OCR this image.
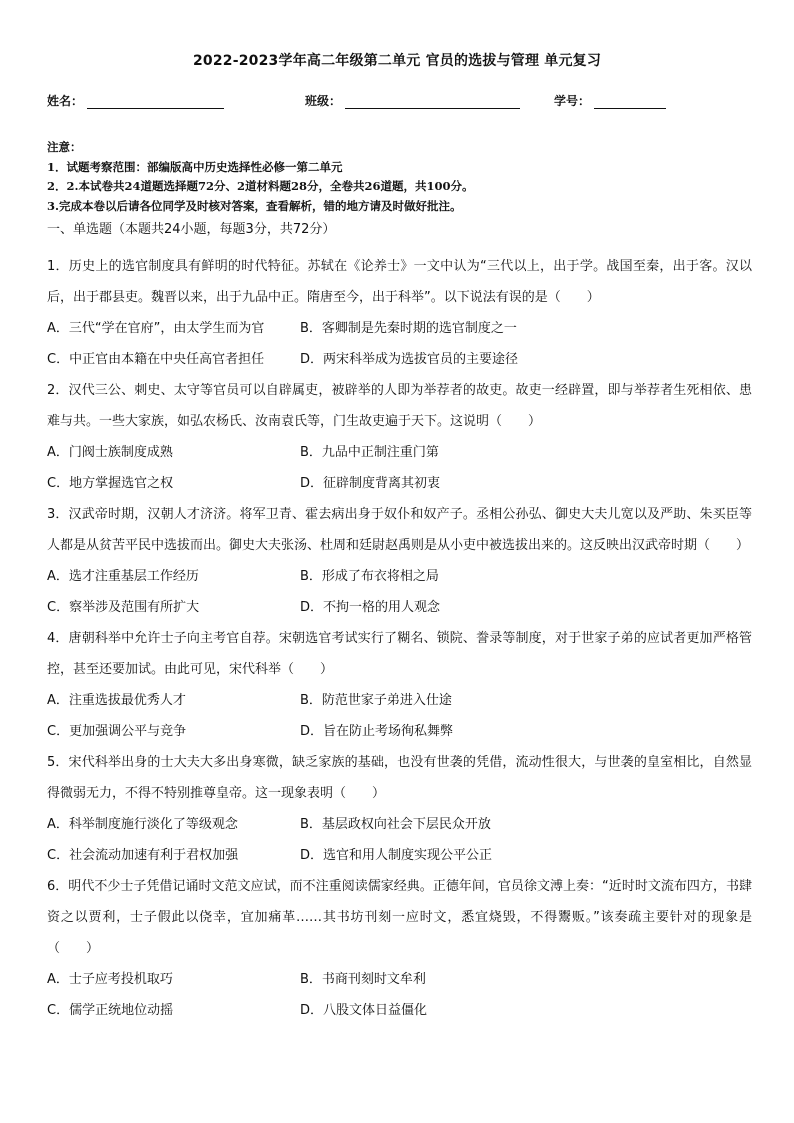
2022-2023学年高二年级第二单元 官员的选拔与管理 单元复习
姓名：	班级：	学号：
注意：
1．试题考察范围：部编版高中历史选择性必修一第二单元
2．2.本试卷共24道题选择题72分、2道材料题28分，全卷共26道题，共100分。
3.完成本卷以后请各位同学及时核对答案，查看解析，错的地方请及时做好批注。
一、单选题（本题共24小题，每题3分，共72分）

1．历史上的选官制度具有鲜明的时代特征。苏轼在《论养士》一文中认为“三代以上，出于学。战国至秦，出于客。汉以后，出于郡县吏。魏晋以来，出于九品中正。隋唐至今，出于科举”。以下说法有误的是（　　）

A．三代“学在官府”，由太学生而为官	B．客卿制是先秦时期的选官制度之一
C．中正官由本籍在中央任高官者担任	D．两宋科举成为选拔官员的主要途径

2．汉代三公、刺史、太守等官员可以自辟属吏，被辟举的人即为举荐者的故吏。故吏一经辟置，即与举荐者生死相依、患难与共。一些大家族，如弘农杨氏、汝南袁氏等，门生故吏遍于天下。这说明（　　）

A．门阀士族制度成熟	B．九品中正制注重门第
C．地方掌握选官之权	D．征辟制度背离其初衷

3．汉武帝时期，汉朝人才济济。将军卫青、霍去病出身于奴仆和奴产子。丞相公孙弘、御史大夫儿宽以及严助、朱买臣等人都是从贫苦平民中选拔而出。御史大夫张汤、杜周和廷尉赵禹则是从小吏中被选拔出来的。这反映出汉武帝时期（　　）

A．选才注重基层工作经历	B．形成了布衣将相之局
C．察举涉及范围有所扩大	D．不拘一格的用人观念

4．唐朝科举中允许士子向主考官自荐。宋朝选官考试实行了糊名、锁院、誊录等制度，对于世家子弟的应试者更加严格管控，甚至还要加试。由此可见，宋代科举（　　）

A．注重选拔最优秀人才	B．防范世家子弟进入仕途
C．更加强调公平与竞争	D．旨在防止考场徇私舞弊

5．宋代科举出身的士大夫大多出身寒微，缺乏家族的基础，也没有世袭的凭借，流动性很大，与世袭的皇室相比，自然显得微弱无力，不得不特别推尊皇帝。这一现象表明（　　）

A．科举制度施行淡化了等级观念	B．基层政权向社会下层民众开放
C．社会流动加速有利于君权加强	D．选官和用人制度实现公平公正

6．明代不少士子凭借记诵时文范文应试，而不注重阅读儒家经典。正德年间，官员徐文溥上奏：“近时时文流布四方，书肆资之以贾利，士子假此以侥幸，宜加痛革……其书坊刊刻一应时文，悉宜烧毁，不得鬻贩。”该奏疏主要针对的现象是（　　）

A．士子应考投机取巧	B．书商刊刻时文牟利
C．儒学正统地位动摇	D．八股文体日益僵化
